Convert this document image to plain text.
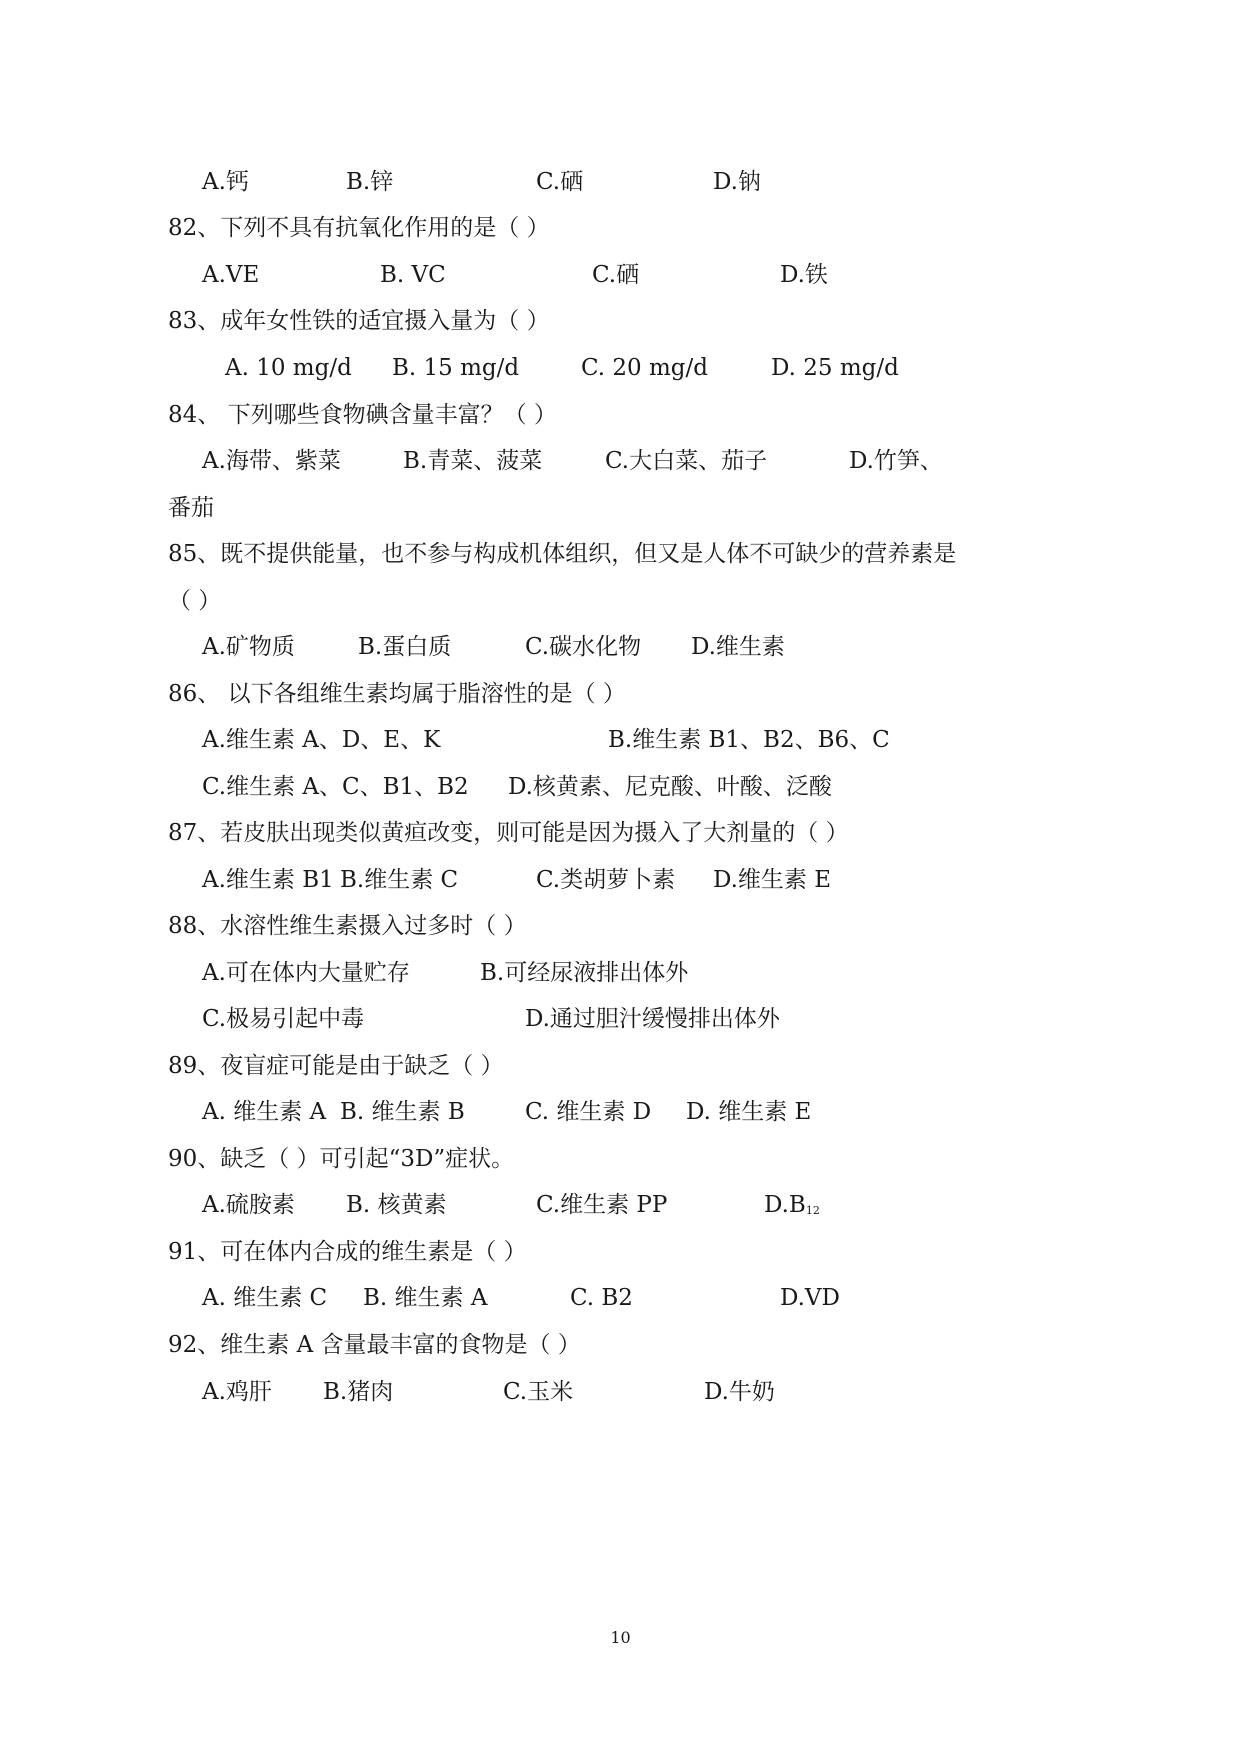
A.钙	B.锌	C.硒	D.钠
82、下列不具有抗氧化作用的是（ ）
A.VE	B. VC	C.硒	D.铁
83、成年女性铁的适宜摄入量为（ ）
A. 10 mg/d B. 15 mg/d	C. 20 mg/d	D. 25 mg/d
84、 下列哪些食物碘含量丰富？（ ）
A.海带、紫菜	B.青菜、菠菜	C.大白菜、茄子	D.竹笋、
番茄
85、既不提供能量，也不参与构成机体组织，但又是人体不可缺少的营养素是
（ ）
A.矿物质	B.蛋白质	C.碳水化物 D.维生素
86、 以下各组维生素均属于脂溶性的是（ ）
A.维生素 A、D、E、K	B.维生素 B1、B2、B6、C
C.维生素 A、C、B1、B2 D.核黄素、尼克酸、叶酸、泛酸
87、若皮肤出现类似黄疸改变，则可能是因为摄入了大剂量的（ ）
A.维生素 B1 B.维生素 C	C.类胡萝卜素 D.维生素 E
88、水溶性维生素摄入过多时（ ）
A.可在体内大量贮存	B.可经尿液排出体外
C.极易引起中毒	D.通过胆汁缓慢排出体外
89、夜盲症可能是由于缺乏（ ）
A. 维生素 A B. 维生素 B	C. 维生素 D D. 维生素 E
90、缺乏（ ）可引起“3D”症状。
A.硫胺素 B. 核黄素	C.维生素 PP	$D.B_{12}$
91、可在体内合成的维生素是（ ）
A. 维生素 C B. 维生素 A	C. B2	D.VD
92、维生素 A 含量最丰富的食物是（ ）
A.鸡肝 B.猪肉	C.玉米	D.牛奶
10
